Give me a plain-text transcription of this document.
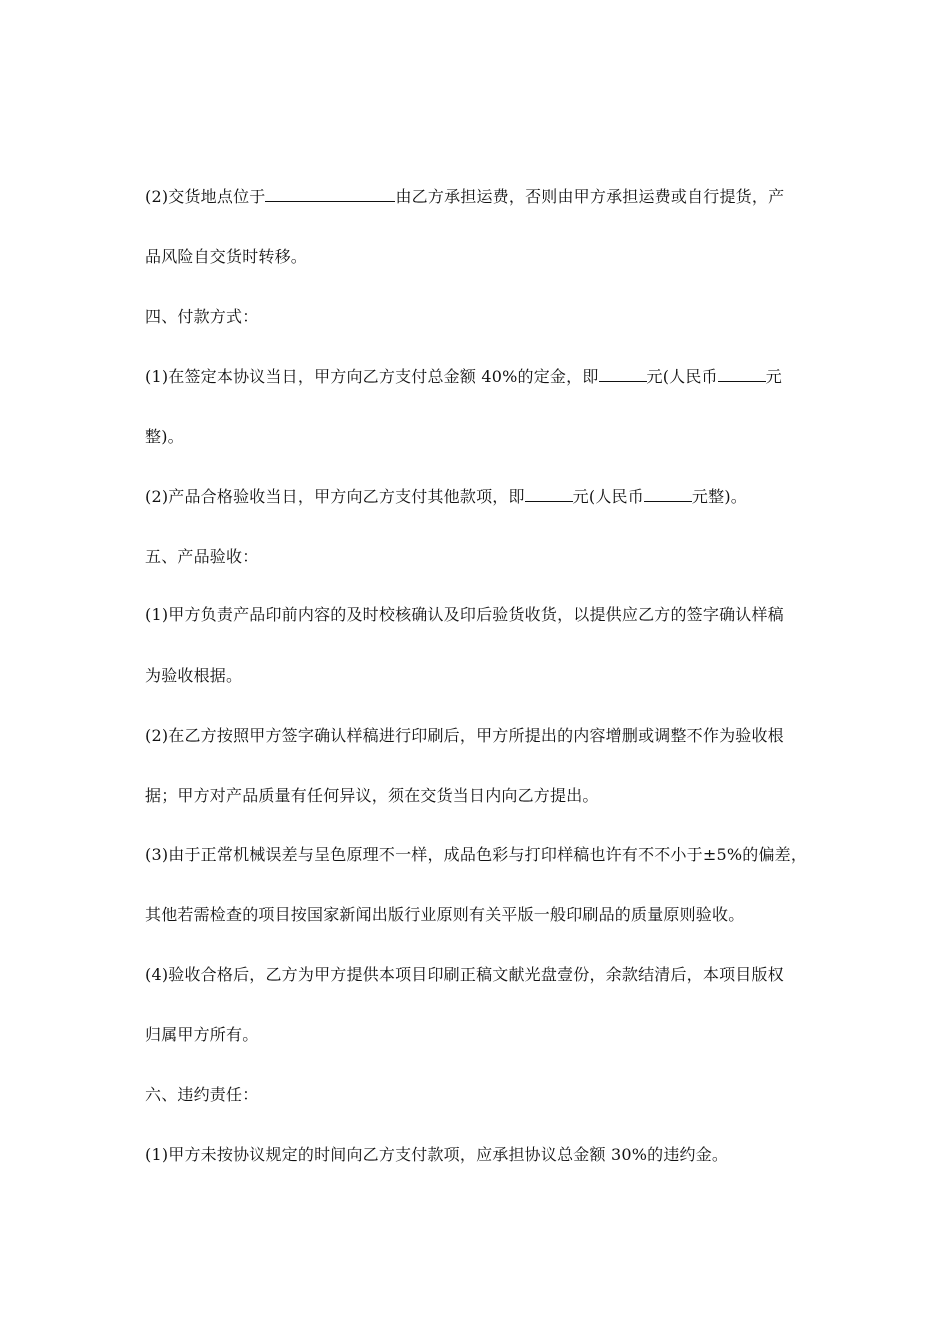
(2)交货地点位于	由乙方承担运费，否则由甲方承担运费或自行提货，产
品风险自交货时转移。
四、付款方式：
(1)在签定本协议当日，甲方向乙方支付总金额 40%的定金，即	元(人民币	元
整)。
(2)产品合格验收当日，甲方向乙方支付其他款项，即	元(人民币	元整)。
五、产品验收：
(1)甲方负责产品印前内容的及时校核确认及印后验货收货，以提供应乙方的签字确认样稿
为验收根据。
(2)在乙方按照甲方签字确认样稿进行印刷后，甲方所提出的内容增删或调整不作为验收根
据；甲方对产品质量有任何异议，须在交货当日内向乙方提出。
(3)由于正常机械误差与呈色原理不一样，成品色彩与打印样稿也许有不不小于±5%的偏差，
其他若需检查的项目按国家新闻出版行业原则有关平版一般印刷品的质量原则验收。
(4)验收合格后，乙方为甲方提供本项目印刷正稿文献光盘壹份，余款结清后，本项目版权
归属甲方所有。
六、违约责任：
(1)甲方未按协议规定的时间向乙方支付款项，应承担协议总金额 30%的违约金。
